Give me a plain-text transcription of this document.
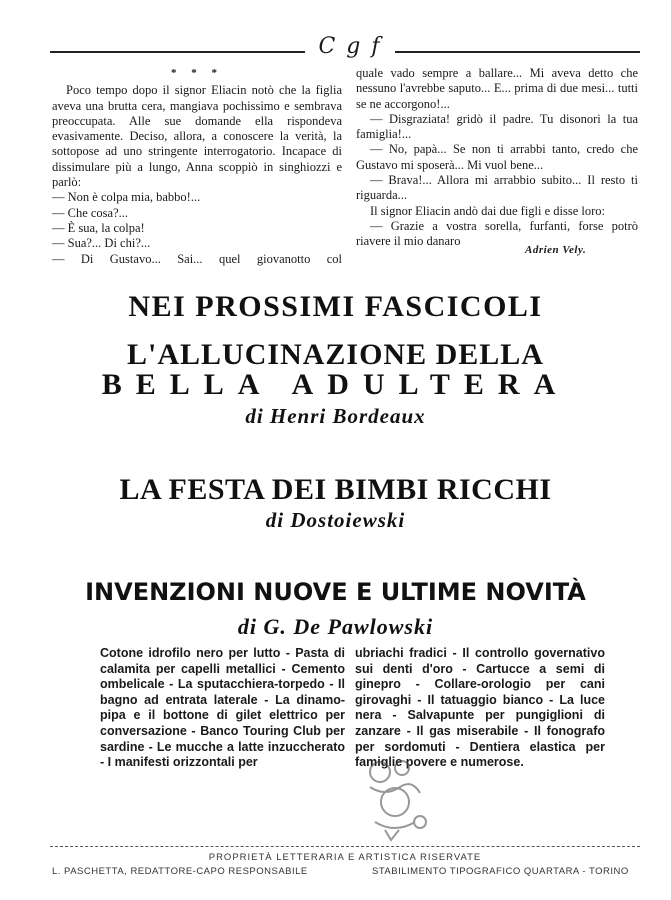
C g f
* * *

Poco tempo dopo il signor Eliacin notò che la figlia aveva una brutta cera, mangiava pochissimo e sembrava preoccupata. Alle sue domande ella rispondeva evasivamente. Deciso, allora, a conoscere la verità, la sottopose ad uno stringente interrogatorio. Incapace di dissimulare più a lungo, Anna scoppiò in singhiozzi e parlò:

— Non è colpa mia, babbo!...
— Che cosa?...
— È sua, la colpa!
— Sua?... Di chi?...
— Di Gustavo... Sai... quel giovanotto col

quale vado sempre a ballare... Mi aveva detto che nessuno l'avrebbe saputo... E... prima di due mesi... tutti se ne accorgono!...

— Disgraziata! gridò il padre. Tu disonori la tua famiglia!...

— No, papà... Se non ti arrabbi tanto, credo che Gustavo mi sposerà... Mi vuol bene...

— Brava!... Allora mi arrabbio subito... Il resto ti riguarda...

Il signor Eliacin andò dai due figli e disse loro:

— Grazie a vostra sorella, furfanti, forse potrò riavere il mio danaro

Adrien Vely.
NEI PROSSIMI FASCICOLI
L'ALLUCINAZIONE DELLA
BELLA ADULTERA
di Henri Bordeaux
LA FESTA DEI BIMBI RICCHI
di Dostoiewski
INVENZIONI NUOVE E ULTIME NOVITÀ
di G. De Pawlowski

Cotone idrofilo nero per lutto - Pasta di calamita per capelli metallici - Cemento ombelicale - La sputacchiera-torpedo - Il bagno ad entrata laterale - La dinamo-pipa e il bottone di gilet elettrico per conversazione - Banco Touring Club per sardine - Le mucche a latte inzuccherato - I manifesti orizzontali per

ubriachi fradici - Il controllo governativo sui denti d'oro - Cartucce a semi di ginepro - Collare-orologio per cani girovaghi - Il tatuaggio bianco - La luce nera - Salvapunte per pungiglioni di zanzare - Il gas miserabile - Il fonografo per sordomuti - Dentiera elastica per famiglie povere e numerose.

PROPRIETÀ LETTERARIA E ARTISTICA RISERVATE
L. PASCHETTA, REDATTORE-CAPO RESPONSABILE	STABILIMENTO TIPOGRAFICO QUARTARA - TORINO
